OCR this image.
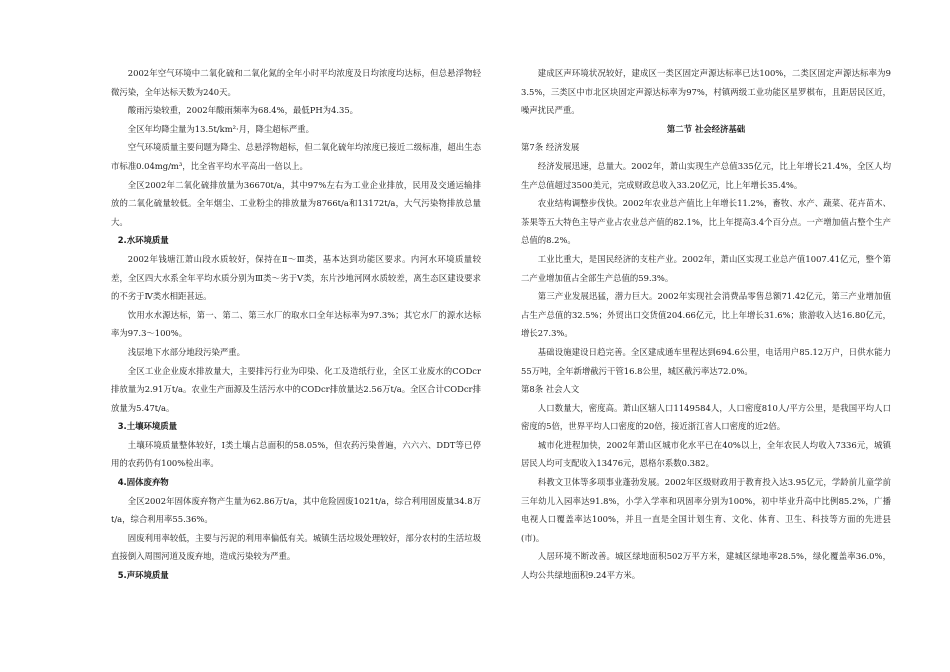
2002年空气环境中二氧化硫和二氧化氮的全年小时平均浓度及日均浓度均达标，但总悬浮物轻微污染，全年达标天数为240天。

酸雨污染较重，2002年酸雨频率为68.4%，最低PH为4.35。

全区年均降尘量为13.5t/km²·月，降尘超标严重。

空气环境质量主要问题为降尘、总悬浮物超标，但二氧化硫年均浓度已接近二级标准，超出生态市标准0.04mg/m³，比全省平均水平高出一倍以上。

全区2002年二氧化硫排放量为36670t/a，其中97%左右为工业企业排放，民用及交通运输排放的二氧化硫量较低。全年烟尘、工业粉尘的排放量为8766t/a和13172t/a，大气污染物排放总量大。

2.水环境质量

2002年钱塘江萧山段水质较好，保持在Ⅱ～Ⅲ类，基本达到功能区要求。内河水环境质量较差，全区四大水系全年平均水质分别为Ⅲ类～劣于Ⅴ类，东片沙地河网水质较差，离生态区建设要求的不劣于Ⅳ类水相距甚远。

饮用水水源达标，第一、第二、第三水厂的取水口全年达标率为97.3%；其它水厂的源水达标率为97.3～100%。

浅层地下水部分地段污染严重。

全区工业企业废水排放量大，主要排污行业为印染、化工及造纸行业，全区工业废水的CODcr排放量为2.91万t/a。农业生产面源及生活污水中的CODcr排放量达2.56万t/a。全区合计CODcr排放量为5.47t/a。

3.土壤环境质量

土壤环境质量整体较好，Ⅰ类土壤占总面积的58.05%，但农药污染普遍，六六六、DDT等已停用的农药仍有100%检出率。

4.固体废弃物

全区2002年固体废弃物产生量为62.86万t/a，其中危险固废1021t/a，综合利用固废量34.8万t/a，综合利用率55.36%。

固废利用率较低，主要与污泥的利用率偏低有关。城镇生活垃圾处理较好，部分农村的生活垃圾直接倒入周围河道及废弃地，造成污染较为严重。

5.声环境质量

建成区声环境状况较好，建成区一类区固定声源达标率已达100%，二类区固定声源达标率为93.5%，三类区中市北区块固定声源达标率为97%，村镇两级工业功能区星罗棋布，且距居民区近，噪声扰民严重。

第二节 社会经济基础

第7条 经济发展

经济发展迅速，总量大。2002年，萧山实现生产总值335亿元，比上年增长21.4%，全区人均生产总值超过3500美元，完成财政总收入33.20亿元，比上年增长35.4%。

农业结构调整步伐快。2002年农业总产值比上年增长11.2%，畜牧、水产、蔬菜、花卉苗木、茶果等五大特色主导产业占农业总产值的82.1%，比上年提高3.4个百分点。一产增加值占整个生产总值的8.2%。

工业比重大，是国民经济的支柱产业。2002年，萧山区实现工业总产值1007.41亿元，整个第二产业增加值占全部生产总值的59.3%。

第三产业发展迅猛，潜力巨大。2002年实现社会消费品零售总额71.42亿元，第三产业增加值占生产总值的32.5%；外贸出口交货值204.66亿元，比上年增长31.6%；旅游收入达16.80亿元，增长27.3%。

基础设施建设日趋完善。全区建成通车里程达到694.6公里，电话用户85.12万户，日供水能力55万吨，全年新增截污干管16.8公里，城区截污率达72.0%。

第8条 社会人文

人口数量大，密度高。萧山区辖人口1149584人，人口密度810人/平方公里，是我国平均人口密度的5倍，世界平均人口密度的20倍，接近浙江省人口密度的近2倍。

城市化进程加快，2002年萧山区城市化水平已在40%以上，全年农民人均收入7336元，城镇居民人均可支配收入13476元，恩格尔系数0.382。

科教文卫体等多项事业蓬勃发展。2002年区级财政用于教育投入达3.95亿元，学龄前儿童学前三年幼儿入园率达91.8%，小学入学率和巩固率分别为100%，初中毕业升高中比例85.2%，广播电视人口覆盖率达100%，并且一直是全国计划生育、文化、体育、卫生、科技等方面的先进县(市)。

人居环境不断改善。城区绿地面积502万平方米，建城区绿地率28.5%，绿化覆盖率36.0%，人均公共绿地面积9.24平方米。
